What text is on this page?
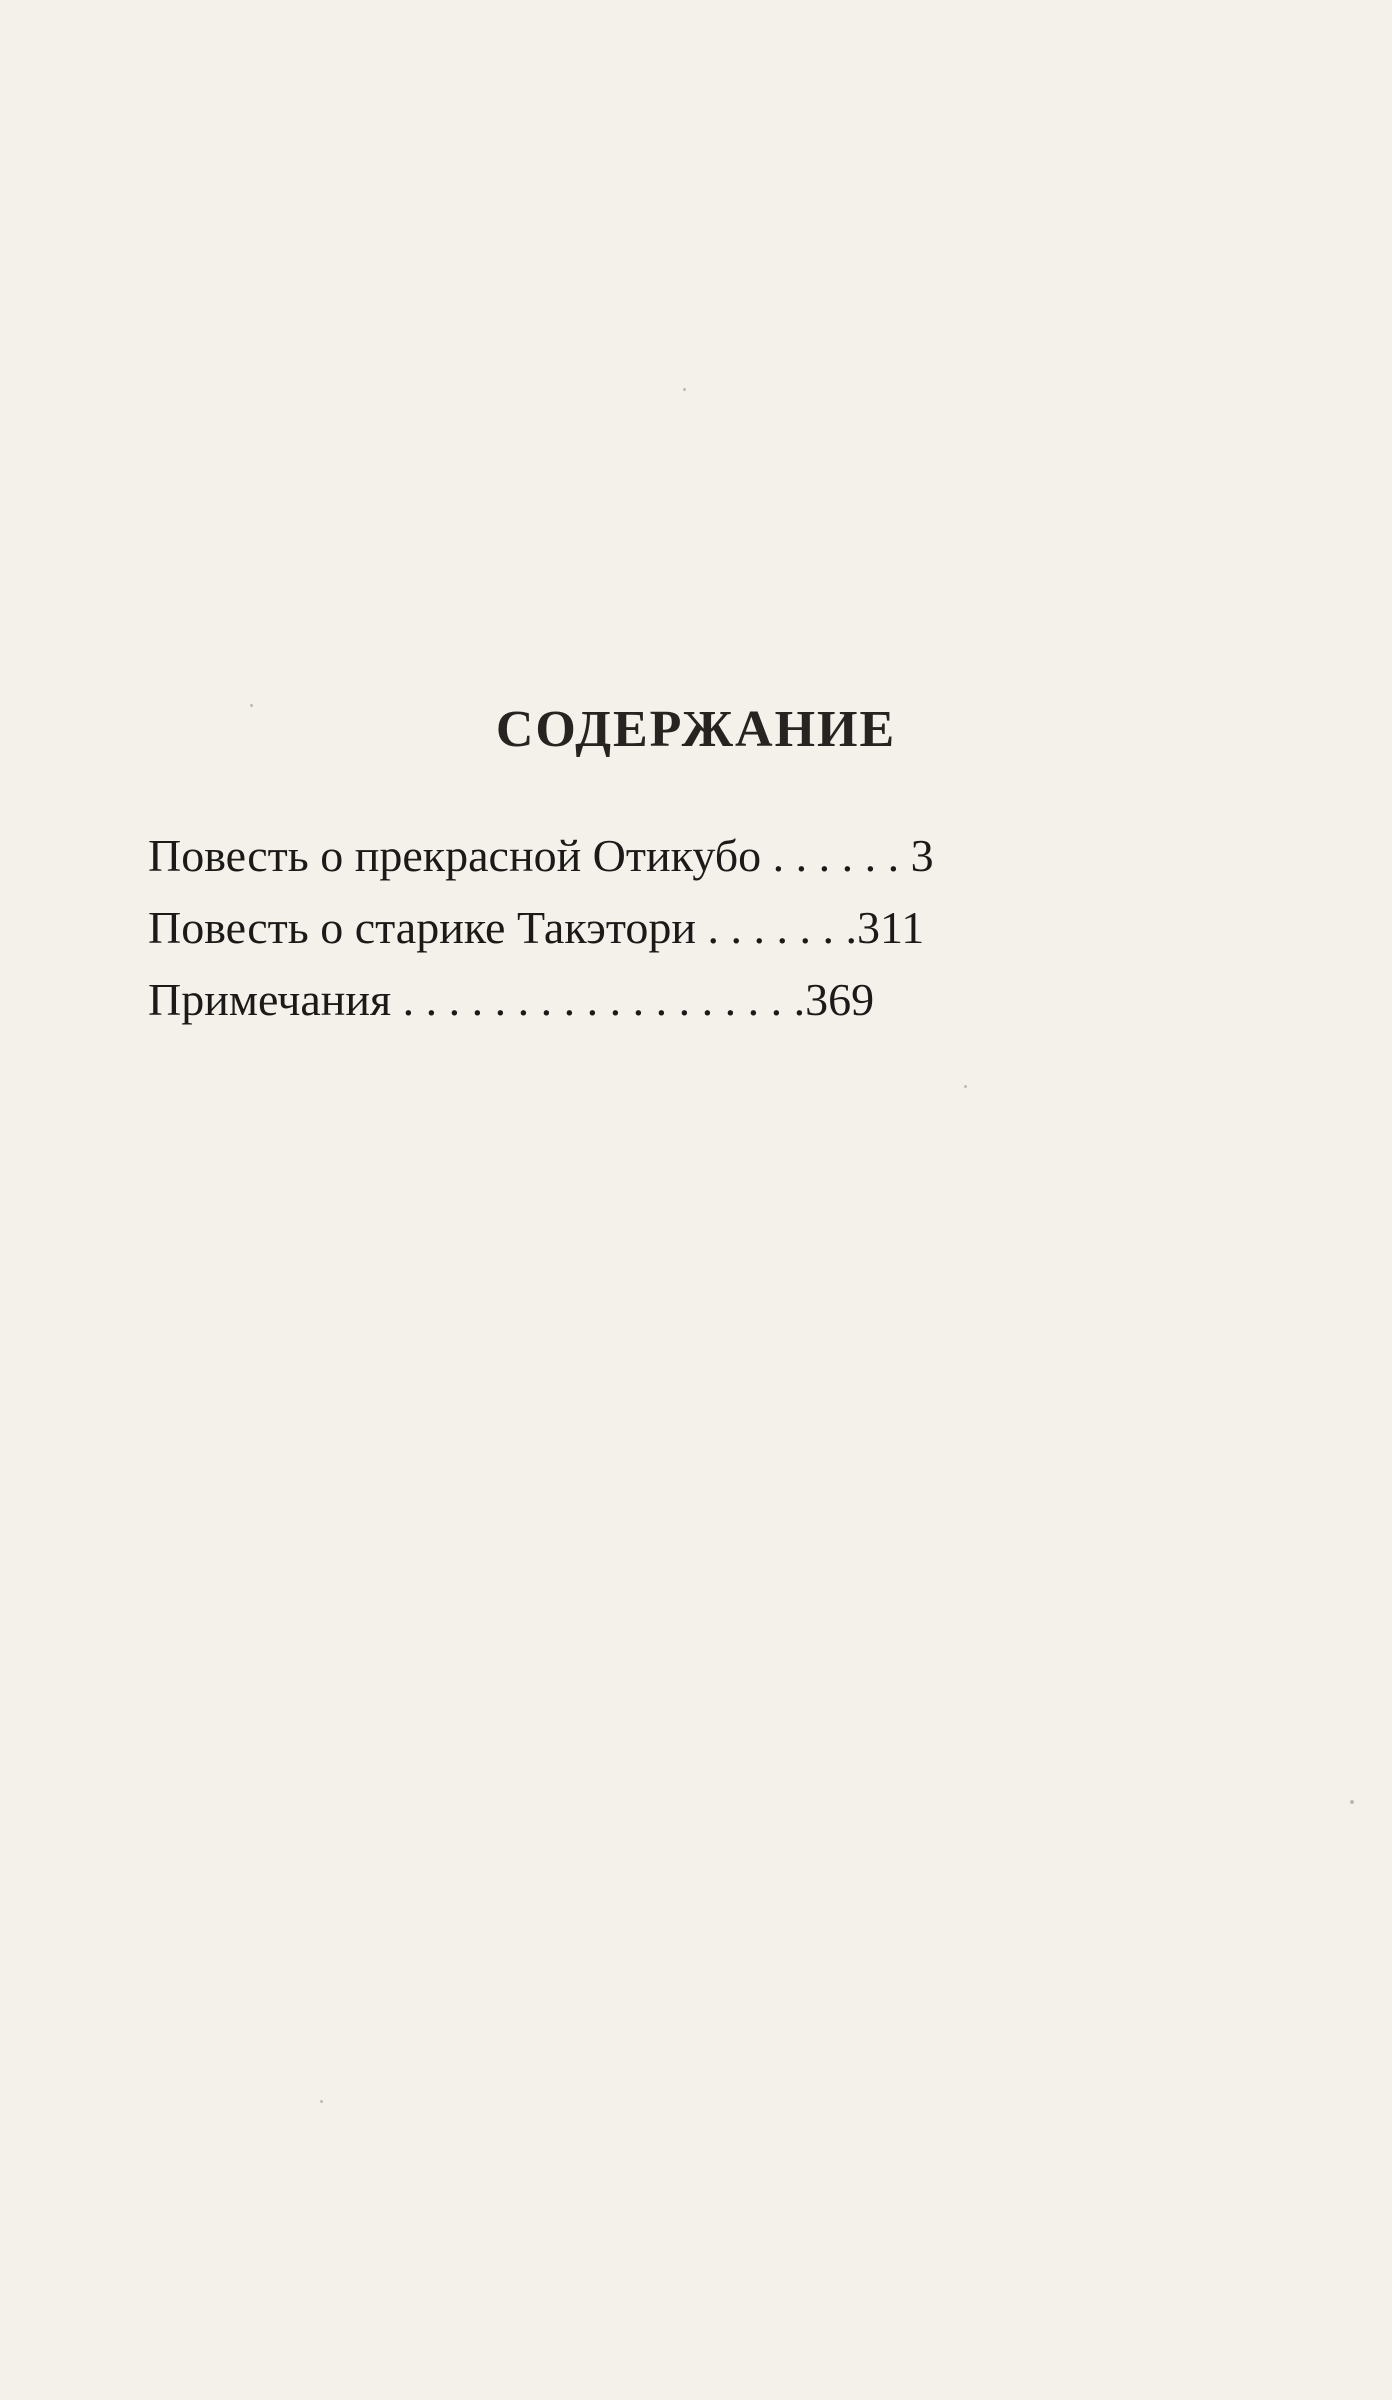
СОДЕРЖАНИЕ
Повесть о прекрасной Отикубо . . . . . . 3
Повесть о старике Такэтори . . . . . . .311
Примечания . . . . . . . . . . . . . . . . . .369
